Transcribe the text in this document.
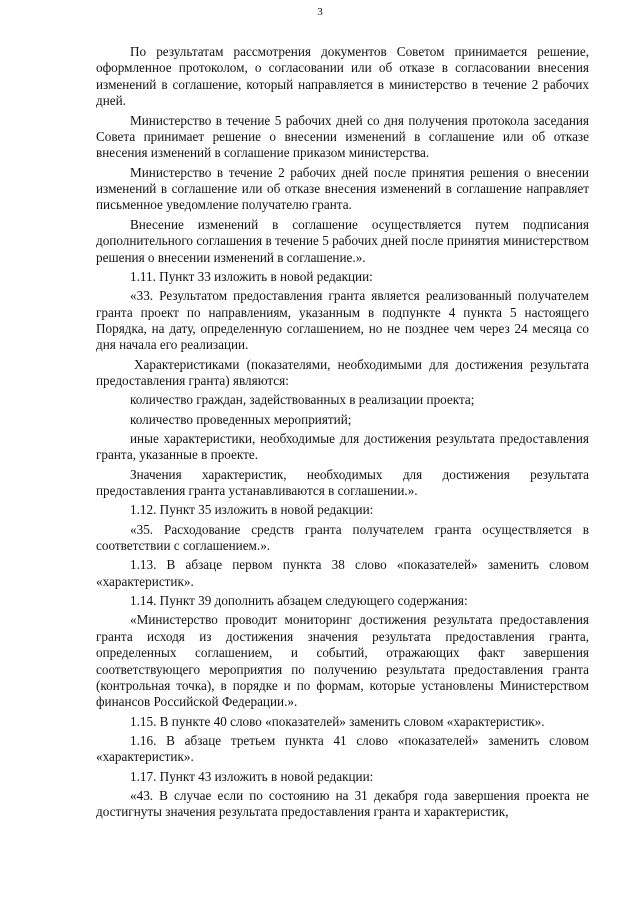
3

По результатам рассмотрения документов Советом принимается решение, оформленное протоколом, о согласовании или об отказе в согласовании внесения изменений в соглашение, который направляется в министерство в течение 2 рабочих дней.

Министерство в течение 5 рабочих дней со дня получения протокола заседания Совета принимает решение о внесении изменений в соглашение или об отказе внесения изменений в соглашение приказом министерства.

Министерство в течение 2 рабочих дней после принятия решения о внесении изменений в соглашение или об отказе внесения изменений в соглашение направляет письменное уведомление получателю гранта.

Внесение изменений в соглашение осуществляется путем подписания дополнительного соглашения в течение 5 рабочих дней после принятия министерством решения о внесении изменений в соглашение.».

1.11. Пункт 33 изложить в новой редакции:

«33. Результатом предоставления гранта является реализованный получателем гранта проект по направлениям, указанным в подпункте 4 пункта 5 настоящего Порядка, на дату, определенную соглашением, но не позднее чем через 24 месяца со дня начала его реализации.

Характеристиками (показателями, необходимыми для достижения результата предоставления гранта) являются:

количество граждан, задействованных в реализации проекта;

количество проведенных мероприятий;

иные характеристики, необходимые для достижения результата предоставления гранта, указанные в проекте.

Значения характеристик, необходимых для достижения результата предоставления гранта устанавливаются в соглашении.».

1.12. Пункт 35 изложить в новой редакции:

«35. Расходование средств гранта получателем гранта осуществляется в соответствии с соглашением.».

1.13. В абзаце первом пункта 38 слово «показателей» заменить словом «характеристик».

1.14. Пункт 39 дополнить абзацем следующего содержания:

«Министерство проводит мониторинг достижения результата предоставления гранта исходя из достижения значения результата предоставления гранта, определенных соглашением, и событий, отражающих факт завершения соответствующего мероприятия по получению результата предоставления гранта (контрольная точка), в порядке и по формам, которые установлены Министерством финансов Российской Федерации.».

1.15. В пункте 40 слово «показателей» заменить словом «характеристик».

1.16. В абзаце третьем пункта 41 слово «показателей» заменить словом «характеристик».

1.17. Пункт 43 изложить в новой редакции:

«43. В случае если по состоянию на 31 декабря года завершения проекта не достигнуты значения результата предоставления гранта и характеристик,
